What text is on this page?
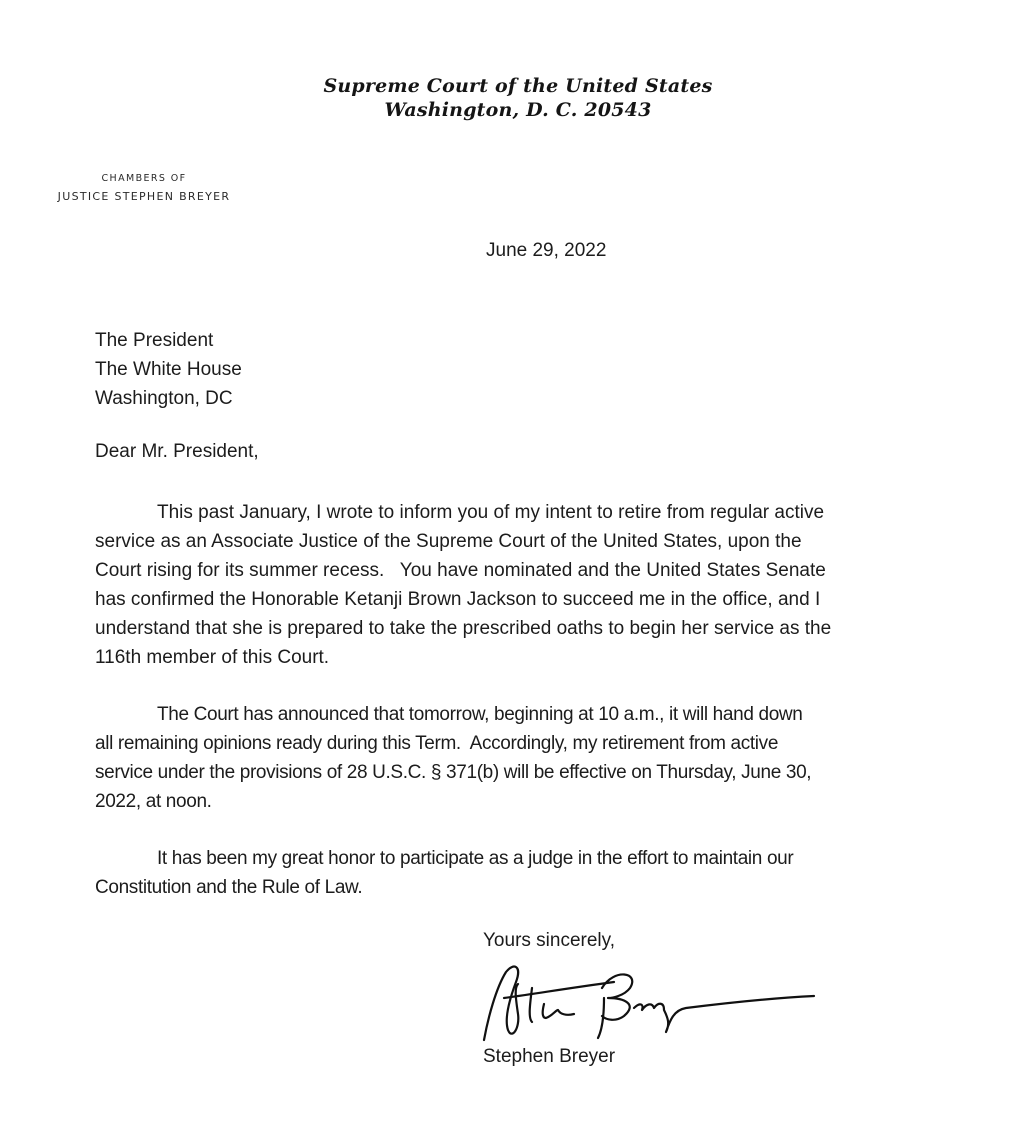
Supreme Court of the United States
Washington, D. C. 20543
CHAMBERS OF
JUSTICE STEPHEN BREYER
June 29, 2022
The President
The White House
Washington, DC
Dear Mr. President,
This past January, I wrote to inform you of my intent to retire from regular active
service as an Associate Justice of the Supreme Court of the United States, upon the
Court rising for its summer recess.   You have nominated and the United States Senate
has confirmed the Honorable Ketanji Brown Jackson to succeed me in the office, and I
understand that she is prepared to take the prescribed oaths to begin her service as the
116th member of this Court.
The Court has announced that tomorrow, beginning at 10 a.m., it will hand down
all remaining opinions ready during this Term.  Accordingly, my retirement from active
service under the provisions of 28 U.S.C. § 371(b) will be effective on Thursday, June 30,
2022, at noon.
It has been my great honor to participate as a judge in the effort to maintain our
Constitution and the Rule of Law.
Yours sincerely,
Stephen Breyer
